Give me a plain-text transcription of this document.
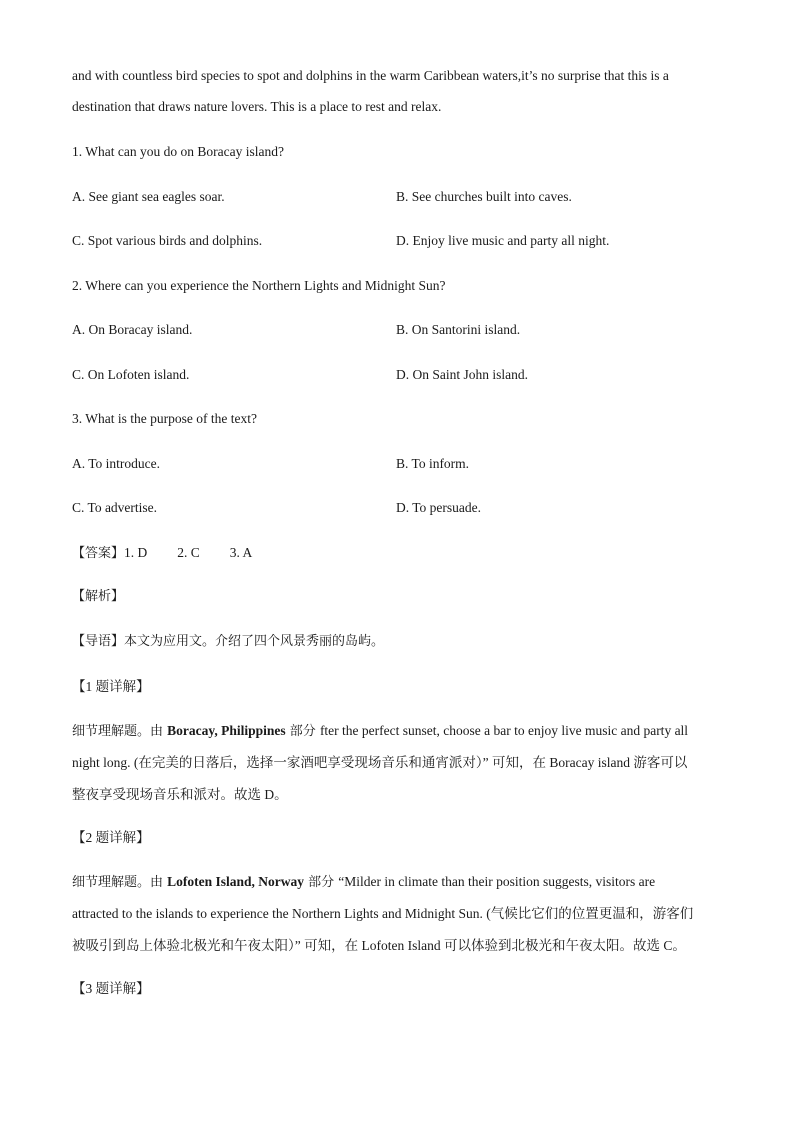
and with countless bird species to spot and dolphins in the warm Caribbean waters,it’s no surprise that this is a
destination that draws nature lovers. This is a place to rest and relax.
1. What can you do on Boracay island?
A. See giant sea eagles soar.	B. See churches built into caves.
C. Spot various birds and dolphins.	D. Enjoy live music and party all night.
2. Where can you experience the Northern Lights and Midnight Sun?
A. On Boracay island.	B. On Santorini island.
C. On Lofoten island.	D. On Saint John island.
3. What is the purpose of the text?
A. To introduce.	B. To inform.
C. To advertise.	D. To persuade.
【答案】1. D 2. C 3. A
【解析】
【导语】本文为应用文。介绍了四个风景秀丽的岛屿。
【1 题详解】
细节理解题。由 Boracay, Philippines 部分 fter the perfect sunset, choose a bar to enjoy live music and party all
night long. (在完美的日落后，选择一家酒吧享受现场音乐和通宵派对）” 可知，在 Boracay island 游客可以
整夜享受现场音乐和派对。故选 D。
【2 题详解】
细节理解题。由 Lofoten Island, Norway 部分 “Milder in climate than their position suggests, visitors are
attracted to the islands to experience the Northern Lights and Midnight Sun. (气候比它们的位置更温和，游客们
被吸引到岛上体验北极光和午夜太阳）” 可知，在 Lofoten Island 可以体验到北极光和午夜太阳。故选 C。
【3 题详解】
